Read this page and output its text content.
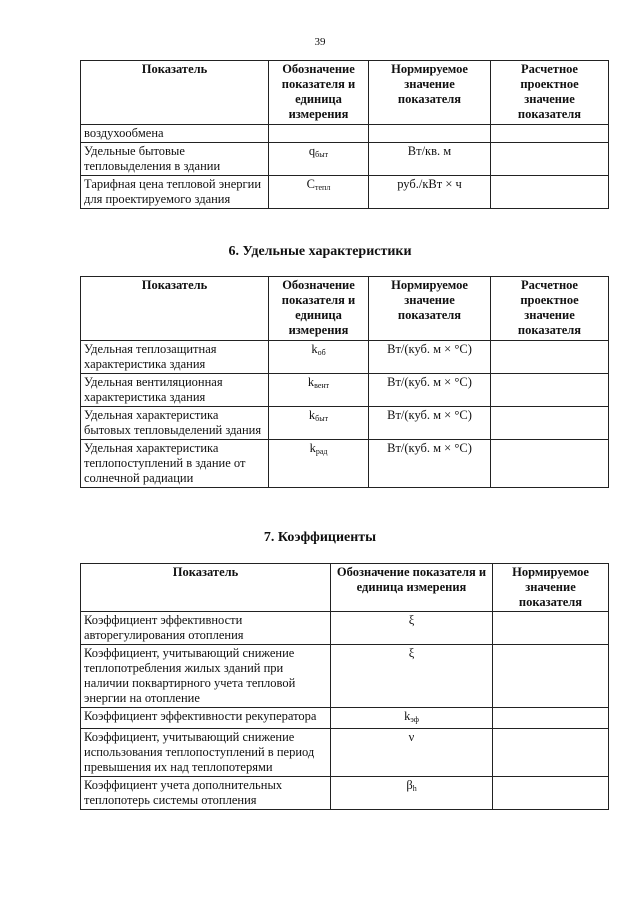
39
Показатель	Обозначение показателя и единица измерения	Нормируемое значение показателя	Расчетное проектное значение показателя
воздухообмена			
Удельные бытовые тепловыделения в здании	$q_{быт}$	Вт/кв. м	
Тарифная цена тепловой энергии для проектируемого здания	$С_{тепл}$	руб./кВт × ч	
6. Удельные характеристики
Показатель	Обозначение показателя и единица измерения	Нормируемое значение показателя	Расчетное проектное значение показателя
Удельная теплозащитная характеристика здания	$k_{об}$	Вт/(куб. м × °С)	
Удельная вентиляционная характеристика здания	$k_{вент}$	Вт/(куб. м × °С)	
Удельная характеристика бытовых тепловыделений здания	$k_{быт}$	Вт/(куб. м × °С)	
Удельная характеристика теплопоступлений в здание от солнечной радиации	$k_{рад}$	Вт/(куб. м × °С)	
7. Коэффициенты
Показатель	Обозначение показателя и единица измерения	Нормируемое значение показателя
Коэффициент эффективности авторегулирования отопления	ξ	
Коэффициент, учитывающий снижение теплопотребления жилых зданий при наличии поквартирного учета тепловой энергии на отопление	ξ	
Коэффициент эффективности рекуператора	$k_{эф}$	
Коэффициент, учитывающий снижение использования теплопоступлений в период превышения их над теплопотерями	ν	
Коэффициент учета дополнительных теплопотерь системы отопления	$\beta_h$	
